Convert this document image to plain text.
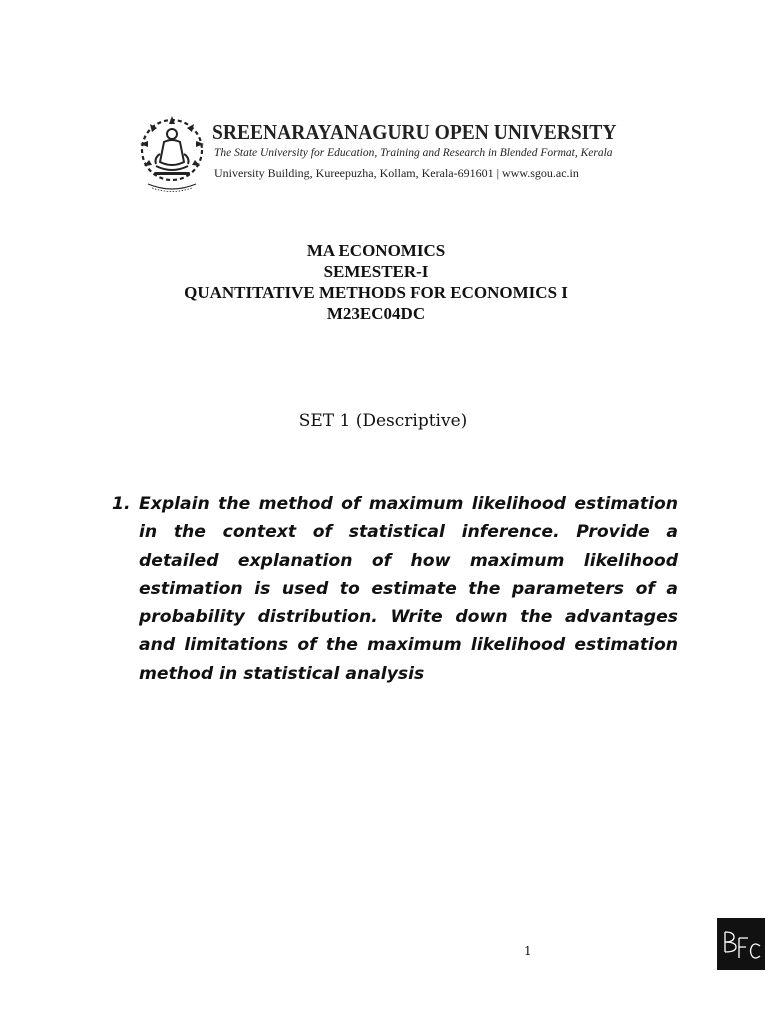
SREENARAYANAGURU OPEN UNIVERSITY
The State University for Education, Training and Research in Blended Format, Kerala
University Building, Kureepuzha, Kollam, Kerala-691601 | www.sgou.ac.in
MA ECONOMICS
SEMESTER-I
QUANTITATIVE METHODS FOR ECONOMICS I
M23EC04DC
SET 1 (Descriptive)
1. Explain the method of maximum likelihood estimation in the context of statistical inference. Provide a detailed explanation of how maximum likelihood estimation is used to estimate the parameters of a probability distribution. Write down the advantages and limitations of the maximum likelihood estimation method in statistical analysis
1
